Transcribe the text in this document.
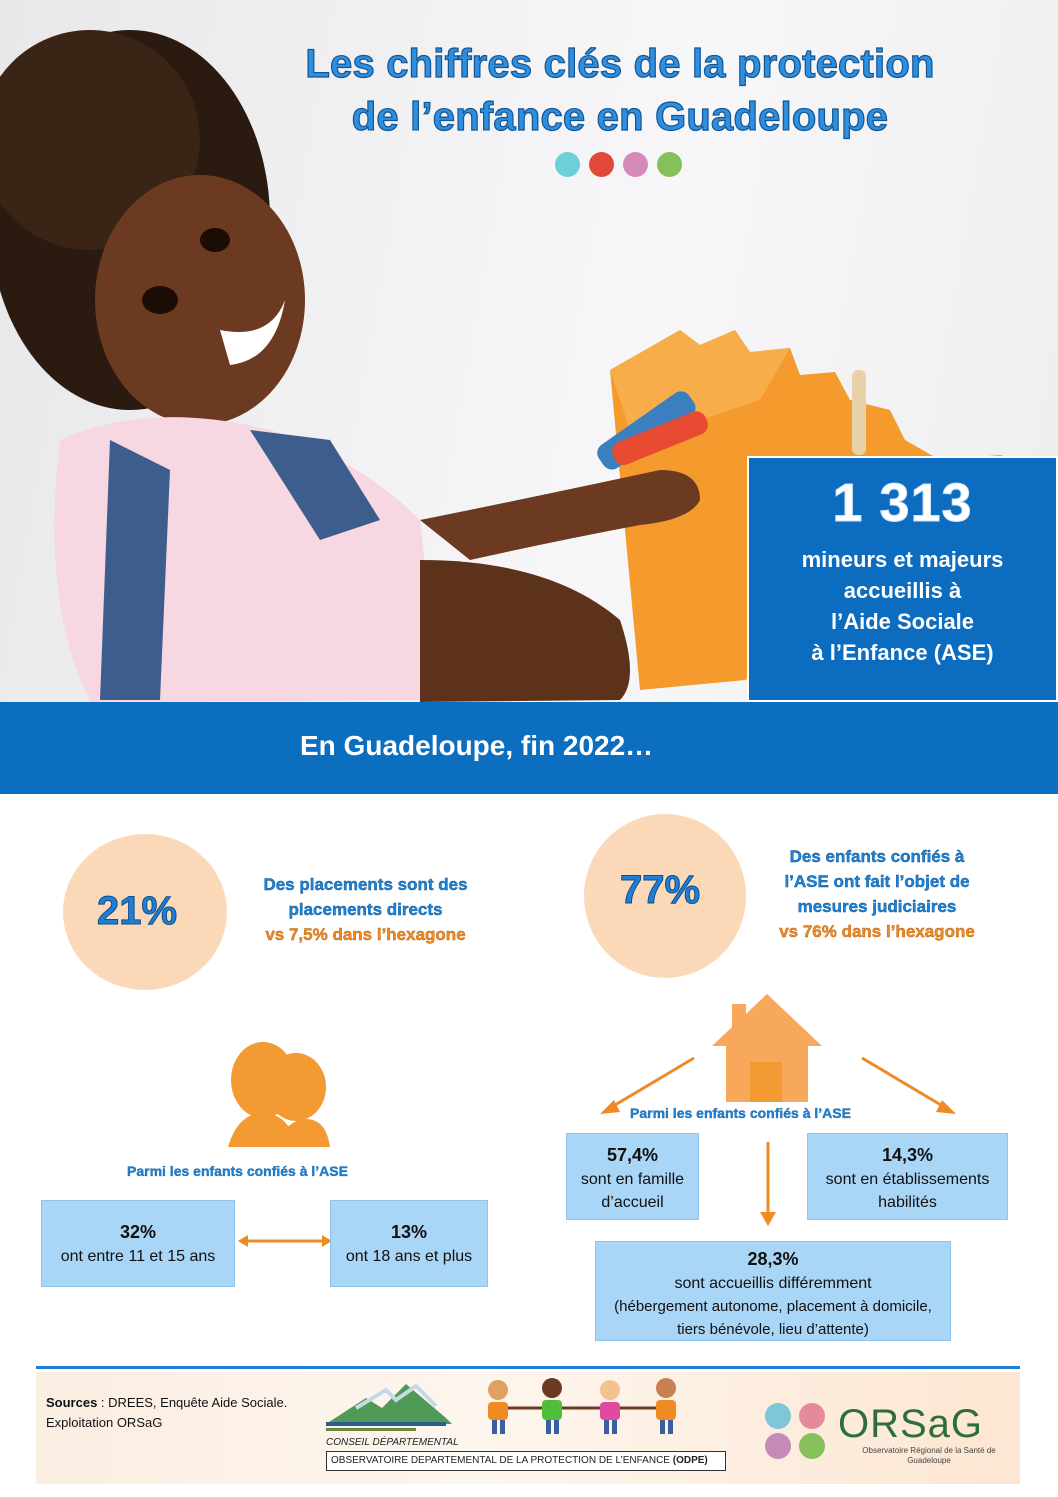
Les chiffres clés de la protection
de l’enfance en Guadeloupe
1 313
mineurs et majeurs
accueillis à
l’Aide Sociale
à l’Enfance (ASE)
En Guadeloupe, fin 2022…
21%
Des placements sont des
placements directs
vs 7,5% dans l’hexagone
77%
Des enfants confiés à
l’ASE ont fait l’objet de
mesures judiciaires
vs 76% dans l’hexagone
Parmi les enfants confiés à l’ASE
32%
ont entre 11 et 15 ans
13%
ont 18 ans et plus
Parmi les enfants confiés à l’ASE
57,4%
sont en famille
d’accueil
14,3%
sont en établissements
habilités
28,3%
sont accueillis différemment
(hébergement autonome, placement à domicile,
tiers bénévole, lieu d’attente)
Sources : DREES, Enquête Aide Sociale.
Exploitation ORSaG
CONSEIL DÉPARTEMENTAL
OBSERVATOIRE DEPARTEMENTAL DE LA PROTECTION DE L’ENFANCE (ODPE)
ORSaG
Observatoire Régional de la Santé de Guadeloupe
